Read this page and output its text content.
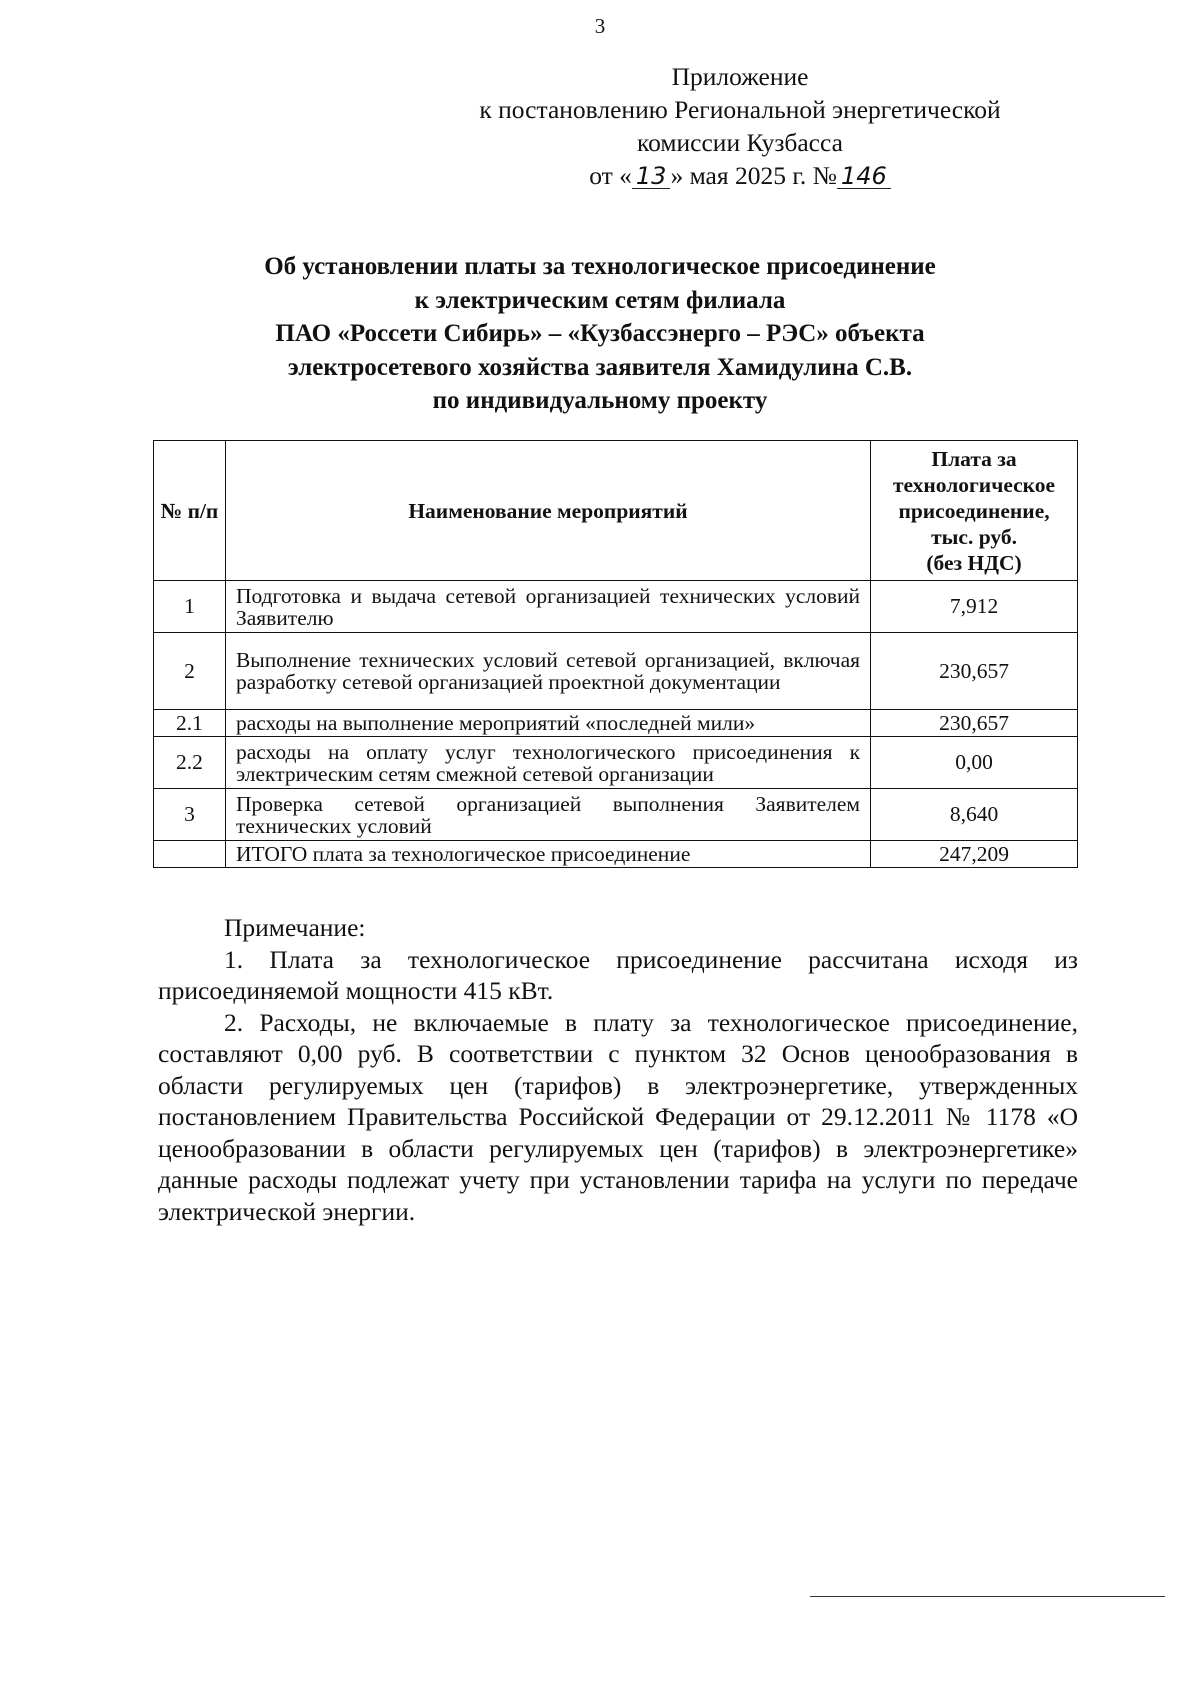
3
Приложение
к постановлению Региональной энергетической
комиссии Кузбасса
от « 13 » мая 2025 г. № 146
Об установлении платы за технологическое присоединение
к электрическим сетям филиала
ПАО «Россети Сибирь» – «Кузбассэнерго – РЭС» объекта
электросетевого хозяйства заявителя Хамидулина С.В.
по индивидуальному проекту
№ п/п	Наименование мероприятий	Плата за
технологическое
присоединение,
тыс. руб.
(без НДС)

1	Подготовка и выдача сетевой организацией технических условий Заявителю	7,912
2	Выполнение технических условий сетевой организацией, включая разработку сетевой организацией проектной документации	230,657
2.1	расходы на выполнение мероприятий «последней мили»	230,657
2.2	расходы на оплату услуг технологического присоединения к электрическим сетям смежной сетевой организации	0,00
3	Проверка сетевой организацией выполнения Заявителем технических условий	8,640
	ИТОГО плата за технологическое присоединение	247,209

Примечание:

1. Плата за технологическое присоединение рассчитана исходя из присоединяемой мощности 415 кВт.

2. Расходы, не включаемые в плату за технологическое присоединение, составляют 0,00 руб. В соответствии с пунктом 32 Основ ценообразования в области регулируемых цен (тарифов) в электроэнергетике, утвержденных постановлением Правительства Российской Федерации от 29.12.2011 № 1178 «О ценообразовании в области регулируемых цен (тарифов) в электроэнергетике» данные расходы подлежат учету при установлении тарифа на услуги по передаче электрической энергии.
